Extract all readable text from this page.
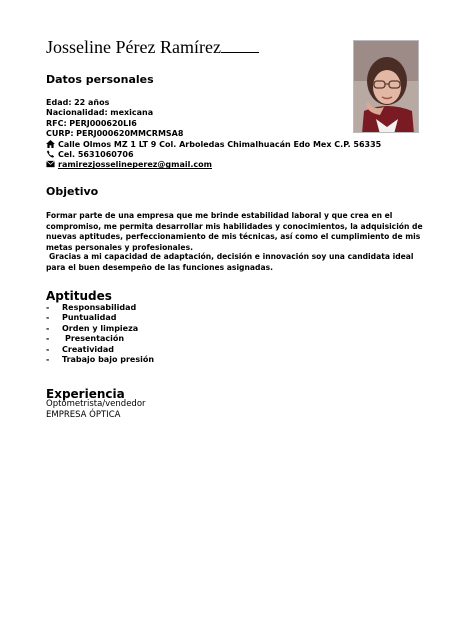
Josseline Pérez Ramírez
Datos personales
Edad: 22 años
Nacionalidad: mexicana
RFC: PERJ000620LI6
CURP: PERJ000620MMCRMSA8
Calle Olmos MZ 1 LT 9 Col. Arboledas Chimalhuacán Edo Mex C.P. 56335
Cel. 5631060706
ramirezjosselineperez@gmail.com
Objetivo
Formar parte de una empresa que me brinde estabilidad laboral y que crea en el compromiso, me permita desarrollar mis habilidades y conocimientos, la adquisición de nuevas aptitudes, perfeccionamiento de mis técnicas, así como el cumplimiento de mis metas personales y profesionales.
Gracias a mi capacidad de adaptación, decisión e innovación soy una candidata ideal para el buen desempeño de las funciones asignadas.
Aptitudes
- Responsabilidad
- Puntualidad
- Orden y limpieza
- Presentación
- Creatividad
- Trabajo bajo presión
Experiencia
Optometrista/vendedor
EMPRESA ÓPTICA
